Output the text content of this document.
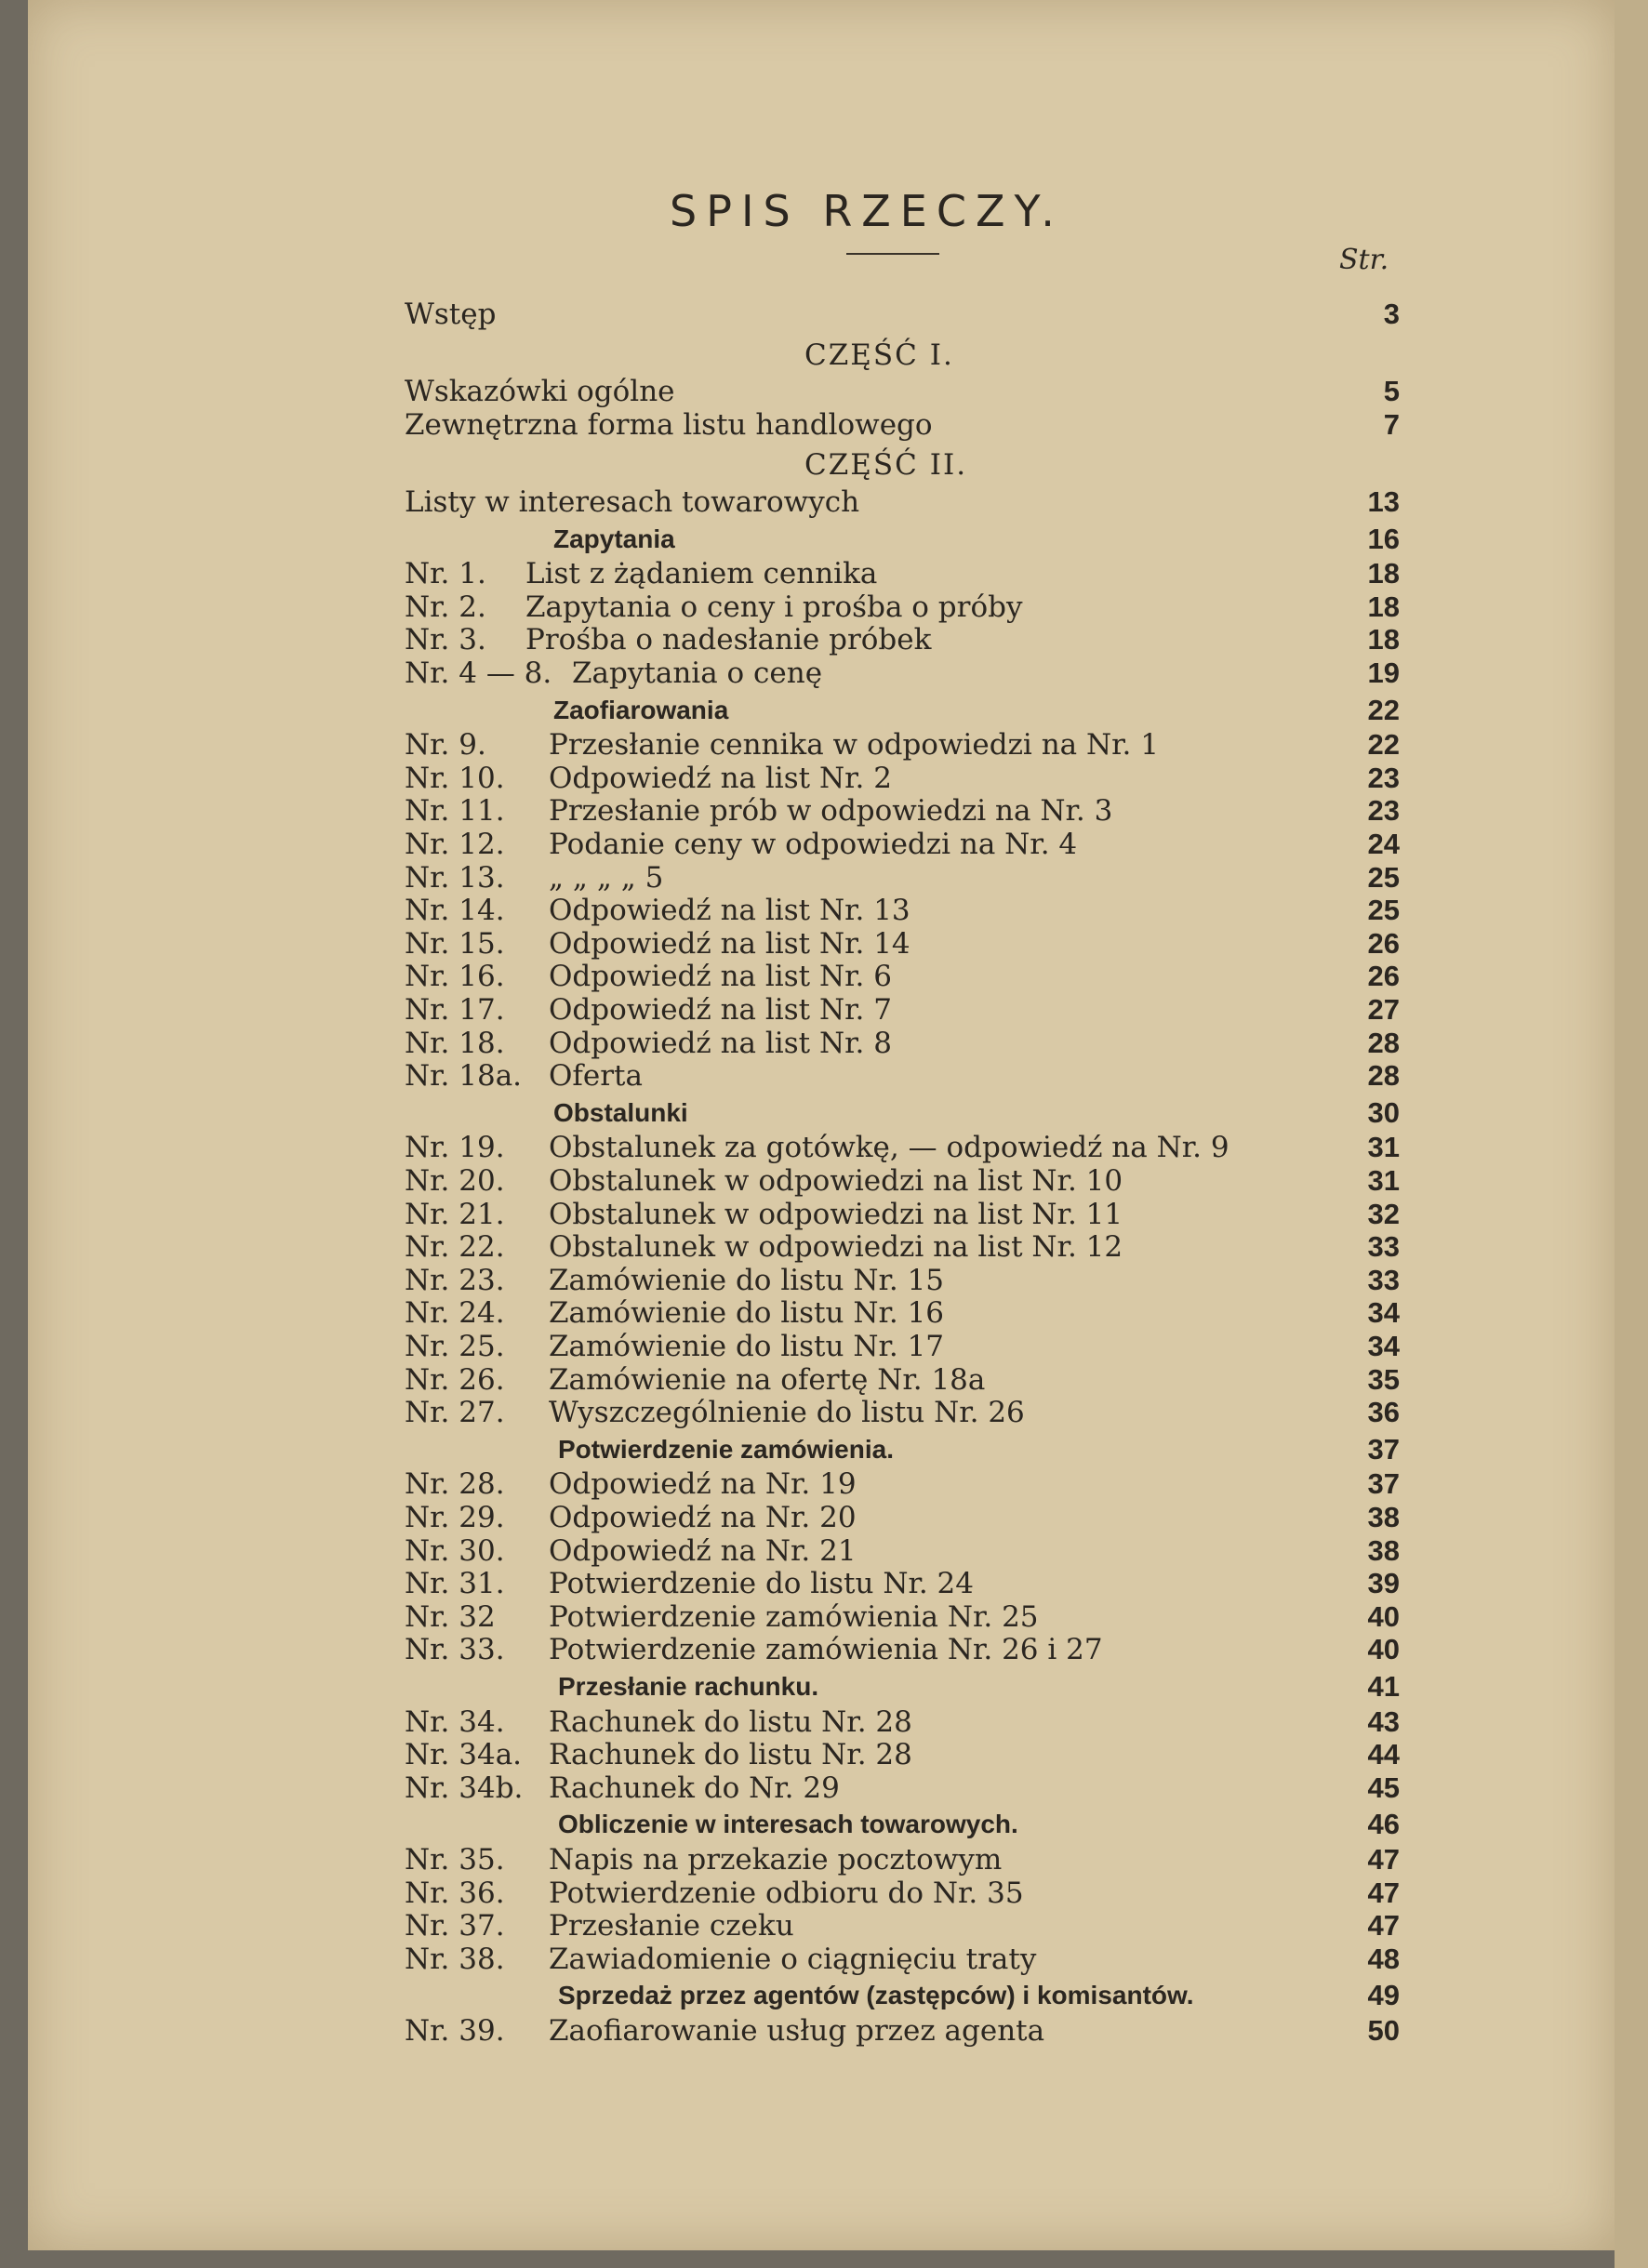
SPIS RZECZY.
Str.
Wstęp	3
CZĘŚĆ I.
Wskazówki ogólne	5
Zewnętrzna forma listu handlowego	7
CZĘŚĆ II.
Listy w interesach towarowych	13
Zapytania	16
Nr. 1. List z żądaniem cennika	18
Nr. 2. Zapytania o ceny i prośba o próby	18
Nr. 3. Prośba o nadesłanie próbek	18
Nr. 4 — 8. Zapytania o cenę	19
Zaofiarowania	22
Nr. 9. Przesłanie cennika w odpowiedzi na Nr. 1	22
Nr. 10. Odpowiedź na list Nr. 2	23
Nr. 11. Przesłanie prób w odpowiedzi na Nr. 3	23
Nr. 12. Podanie ceny w odpowiedzi na Nr. 4	24
Nr. 13. „ „ „ „ 5	25
Nr. 14. Odpowiedź na list Nr. 13	25
Nr. 15. Odpowiedź na list Nr. 14	26
Nr. 16. Odpowiedź na list Nr. 6	26
Nr. 17. Odpowiedź na list Nr. 7	27
Nr. 18. Odpowiedź na list Nr. 8	28
Nr. 18a. Oferta	28
Obstalunki	30
Nr. 19. Obstalunek za gotówkę, — odpowiedź na Nr. 9	31
Nr. 20. Obstalunek w odpowiedzi na list Nr. 10	31
Nr. 21. Obstalunek w odpowiedzi na list Nr. 11	32
Nr. 22. Obstalunek w odpowiedzi na list Nr. 12	33
Nr. 23. Zamówienie do listu Nr. 15	33
Nr. 24. Zamówienie do listu Nr. 16	34
Nr. 25. Zamówienie do listu Nr. 17	34
Nr. 26. Zamówienie na ofertę Nr. 18a	35
Nr. 27. Wyszczególnienie do listu Nr. 26	36
Potwierdzenie zamówienia.	37
Nr. 28. Odpowiedź na Nr. 19	37
Nr. 29. Odpowiedź na Nr. 20	38
Nr. 30. Odpowiedź na Nr. 21	38
Nr. 31. Potwierdzenie do listu Nr. 24	39
Nr. 32 Potwierdzenie zamówienia Nr. 25	40
Nr. 33. Potwierdzenie zamówienia Nr. 26 i 27	40
Przesłanie rachunku.	41
Nr. 34. Rachunek do listu Nr. 28	43
Nr. 34a. Rachunek do listu Nr. 28	44
Nr. 34b. Rachunek do Nr. 29	45
Obliczenie w interesach towarowych.	46
Nr. 35. Napis na przekazie pocztowym	47
Nr. 36. Potwierdzenie odbioru do Nr. 35	47
Nr. 37. Przesłanie czeku	47
Nr. 38. Zawiadomienie o ciągnięciu traty	48
Sprzedaż przez agentów (zastępców) i komisantów.	49
Nr. 39. Zaofiarowanie usług przez agenta	50
